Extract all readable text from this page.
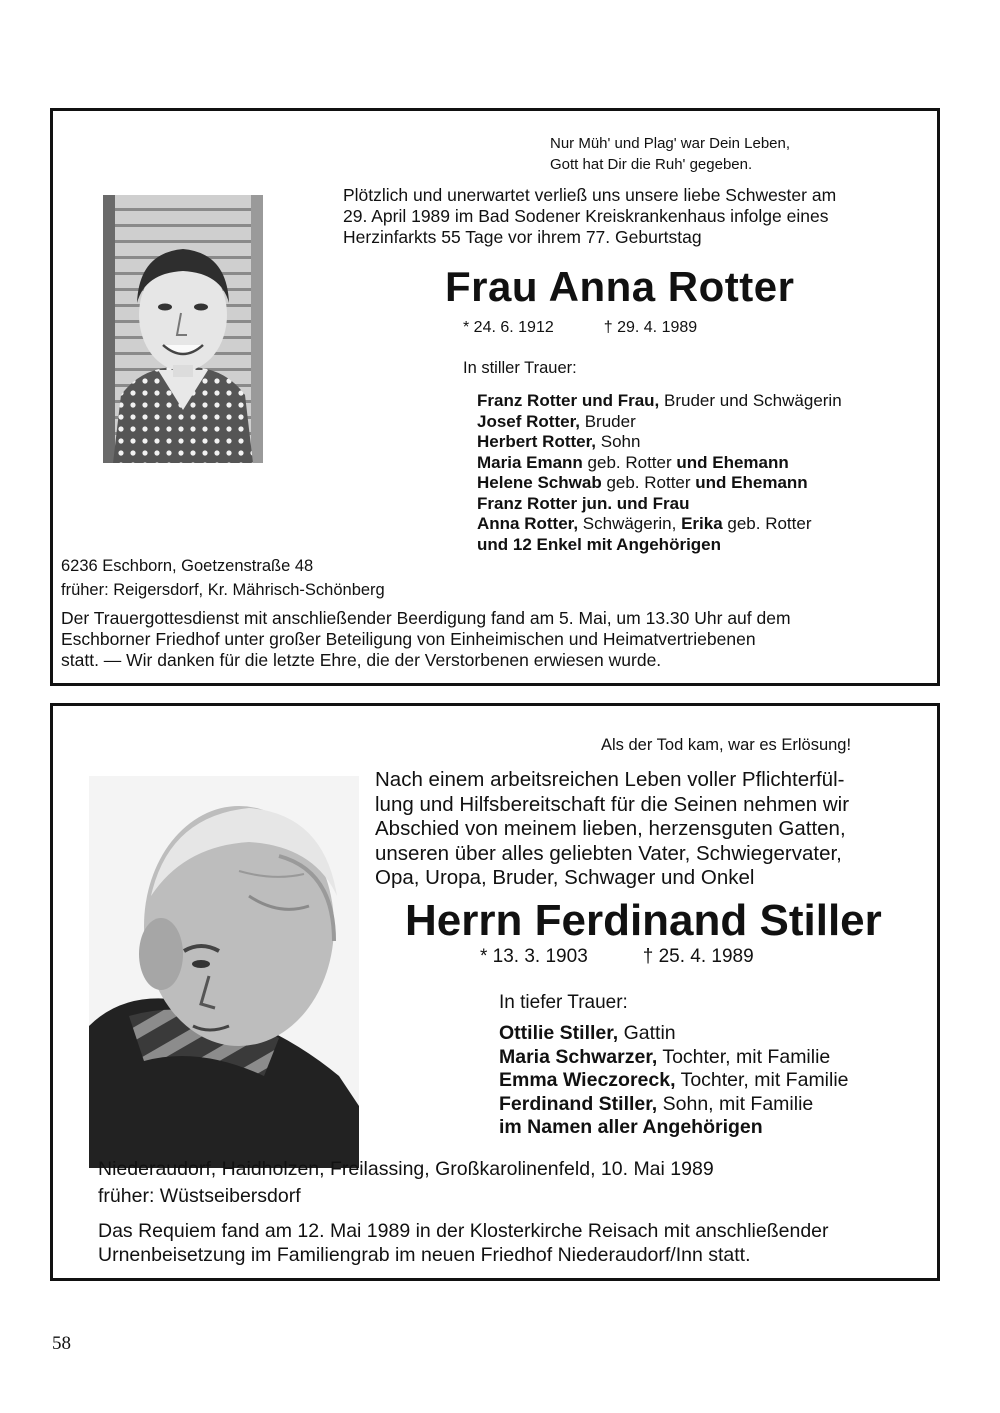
Nur Müh' und Plag' war Dein Leben,
Gott hat Dir die Ruh' gegeben.
Plötzlich und unerwartet verließ uns unsere liebe Schwester am
29. April 1989 im Bad Sodener Kreiskrankenhaus infolge eines
Herzinfarkts 55 Tage vor ihrem 77. Geburtstag
Frau Anna Rotter
* 24. 6. 1912	† 29. 4. 1989
In stiller Trauer:
Franz Rotter und Frau, Bruder und Schwägerin
Josef Rotter, Bruder
Herbert Rotter, Sohn
Maria Emann geb. Rotter und Ehemann
Helene Schwab geb. Rotter und Ehemann
Franz Rotter jun. und Frau
Anna Rotter, Schwägerin, Erika geb. Rotter
und 12 Enkel mit Angehörigen
6236 Eschborn, Goetzenstraße 48
früher: Reigersdorf, Kr. Mährisch-Schönberg
Der Trauergottesdienst mit anschließender Beerdigung fand am 5. Mai, um 13.30 Uhr auf dem
Eschborner Friedhof unter großer Beteiligung von Einheimischen und Heimatvertriebenen
statt. — Wir danken für die letzte Ehre, die der Verstorbenen erwiesen wurde.
Als der Tod kam, war es Erlösung!
Nach einem arbeitsreichen Leben voller Pflichterfül-
lung und Hilfsbereitschaft für die Seinen nehmen wir
Abschied von meinem lieben, herzensguten Gatten,
unseren über alles geliebten Vater, Schwiegervater,
Opa, Uropa, Bruder, Schwager und Onkel
Herrn Ferdinand Stiller
* 13. 3. 1903	† 25. 4. 1989
In tiefer Trauer:
Ottilie Stiller, Gattin
Maria Schwarzer, Tochter, mit Familie
Emma Wieczoreck, Tochter, mit Familie
Ferdinand Stiller, Sohn, mit Familie
im Namen aller Angehörigen
Niederaudorf, Haidholzen, Freilassing, Großkarolinenfeld, 10. Mai 1989
früher: Wüstseibersdorf
Das Requiem fand am 12. Mai 1989 in der Klosterkirche Reisach mit anschließender
Urnenbeisetzung im Familiengrab im neuen Friedhof Niederaudorf/Inn statt.
58
